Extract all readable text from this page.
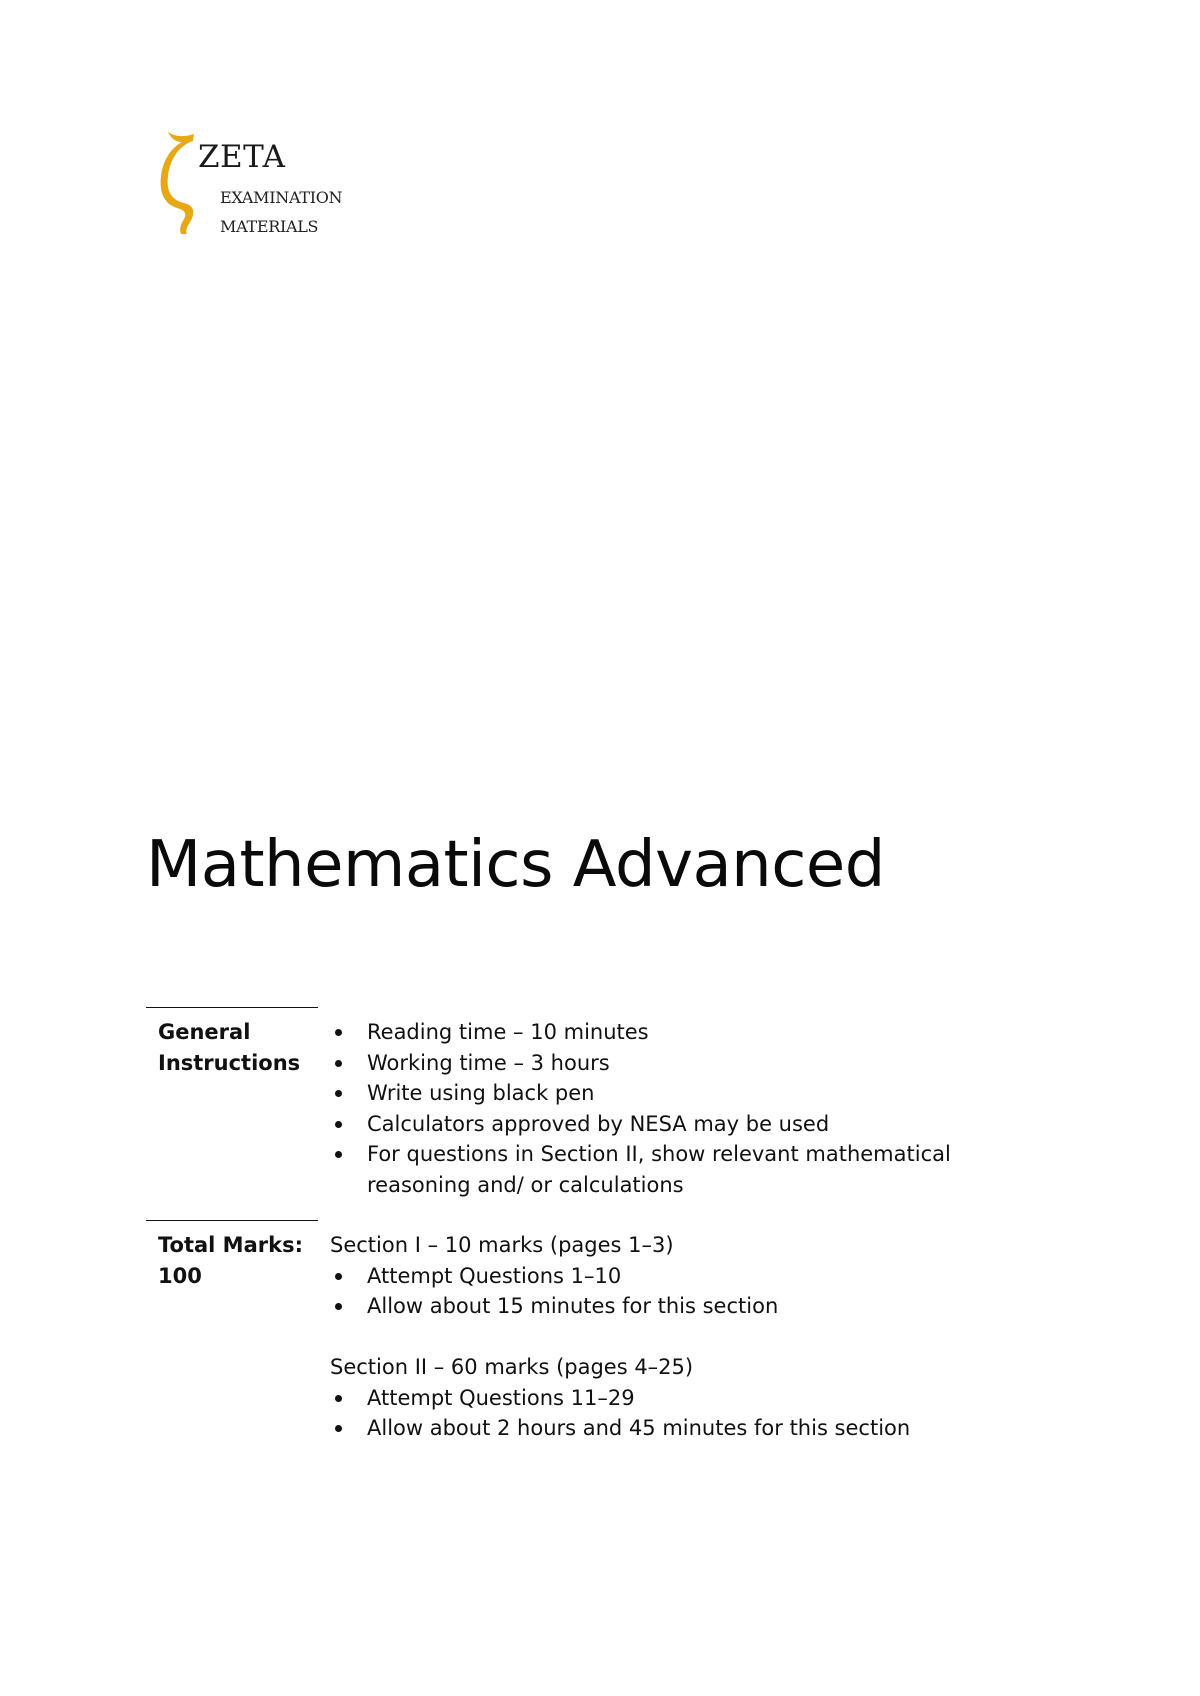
ZETA
EXAMINATION
MATERIALS
Mathematics Advanced
General
Instructions
Reading time – 10 minutes
Working time – 3 hours
Write using black pen
Calculators approved by NESA may be used
For questions in Section II, show relevant mathematical reasoning and/ or calculations
Total Marks:
100
Section I – 10 marks (pages 1–3)
Attempt Questions 1–10
Allow about 15 minutes for this section
Section II – 60 marks (pages 4–25)
Attempt Questions 11–29
Allow about 2 hours and 45 minutes for this section
